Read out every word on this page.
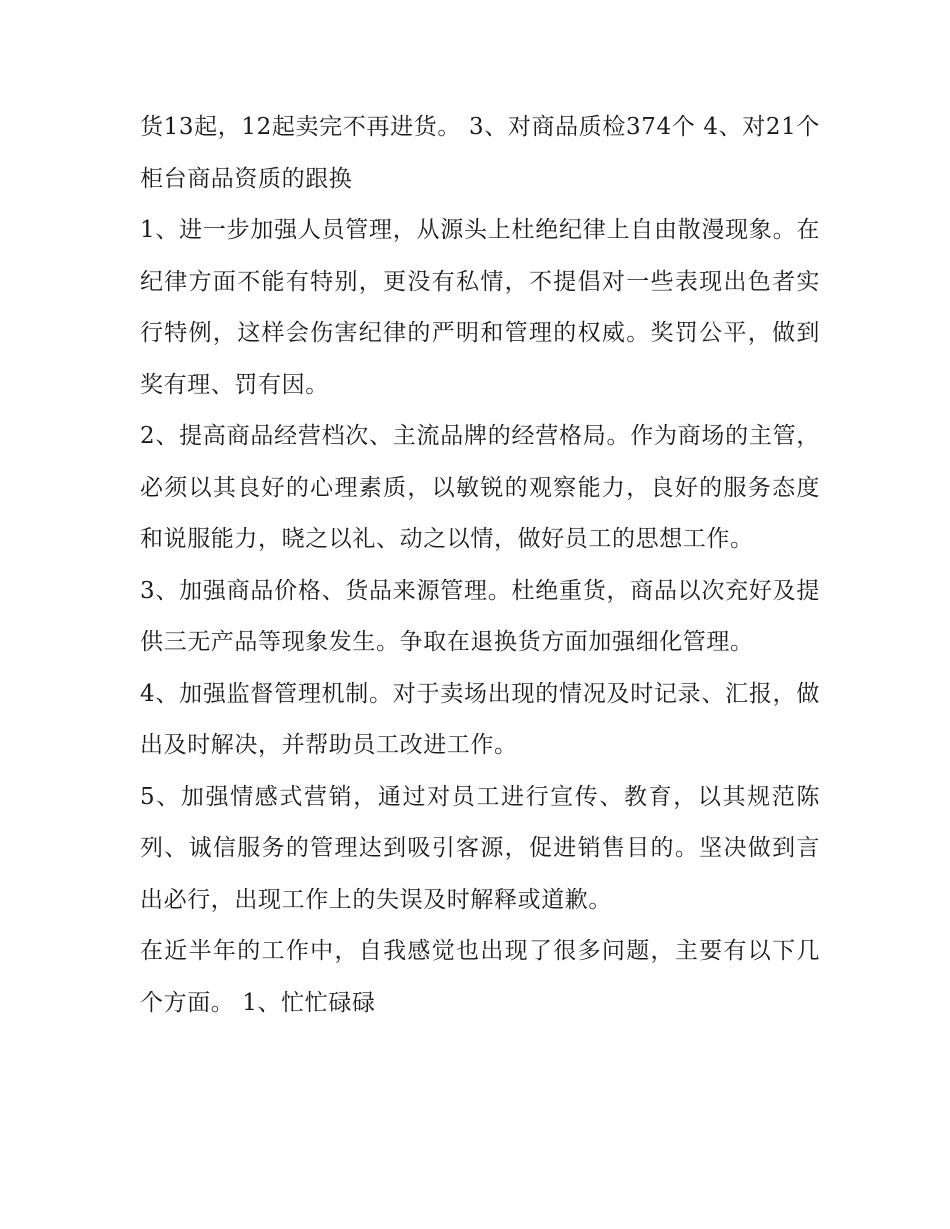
货13起，12起卖完不再进货。 3、对商品质检374个 4、对21个柜台商品资质的跟换

1、进一步加强人员管理，从源头上杜绝纪律上自由散漫现象。在纪律方面不能有特别，更没有私情，不提倡对一些表现出色者实行特例，这样会伤害纪律的严明和管理的权威。奖罚公平，做到奖有理、罚有因。

2、提高商品经营档次、主流品牌的经营格局。作为商场的主管，必须以其良好的心理素质，以敏锐的观察能力，良好的服务态度和说服能力，晓之以礼、动之以情，做好员工的思想工作。

3、加强商品价格、货品来源管理。杜绝重货，商品以次充好及提供三无产品等现象发生。争取在退换货方面加强细化管理。

4、加强监督管理机制。对于卖场出现的情况及时记录、汇报，做出及时解决，并帮助员工改进工作。

5、加强情感式营销，通过对员工进行宣传、教育，以其规范陈列、诚信服务的管理达到吸引客源，促进销售目的。坚决做到言出必行，出现工作上的失误及时解释或道歉。

在近半年的工作中，自我感觉也出现了很多问题，主要有以下几个方面。 1、忙忙碌碌
